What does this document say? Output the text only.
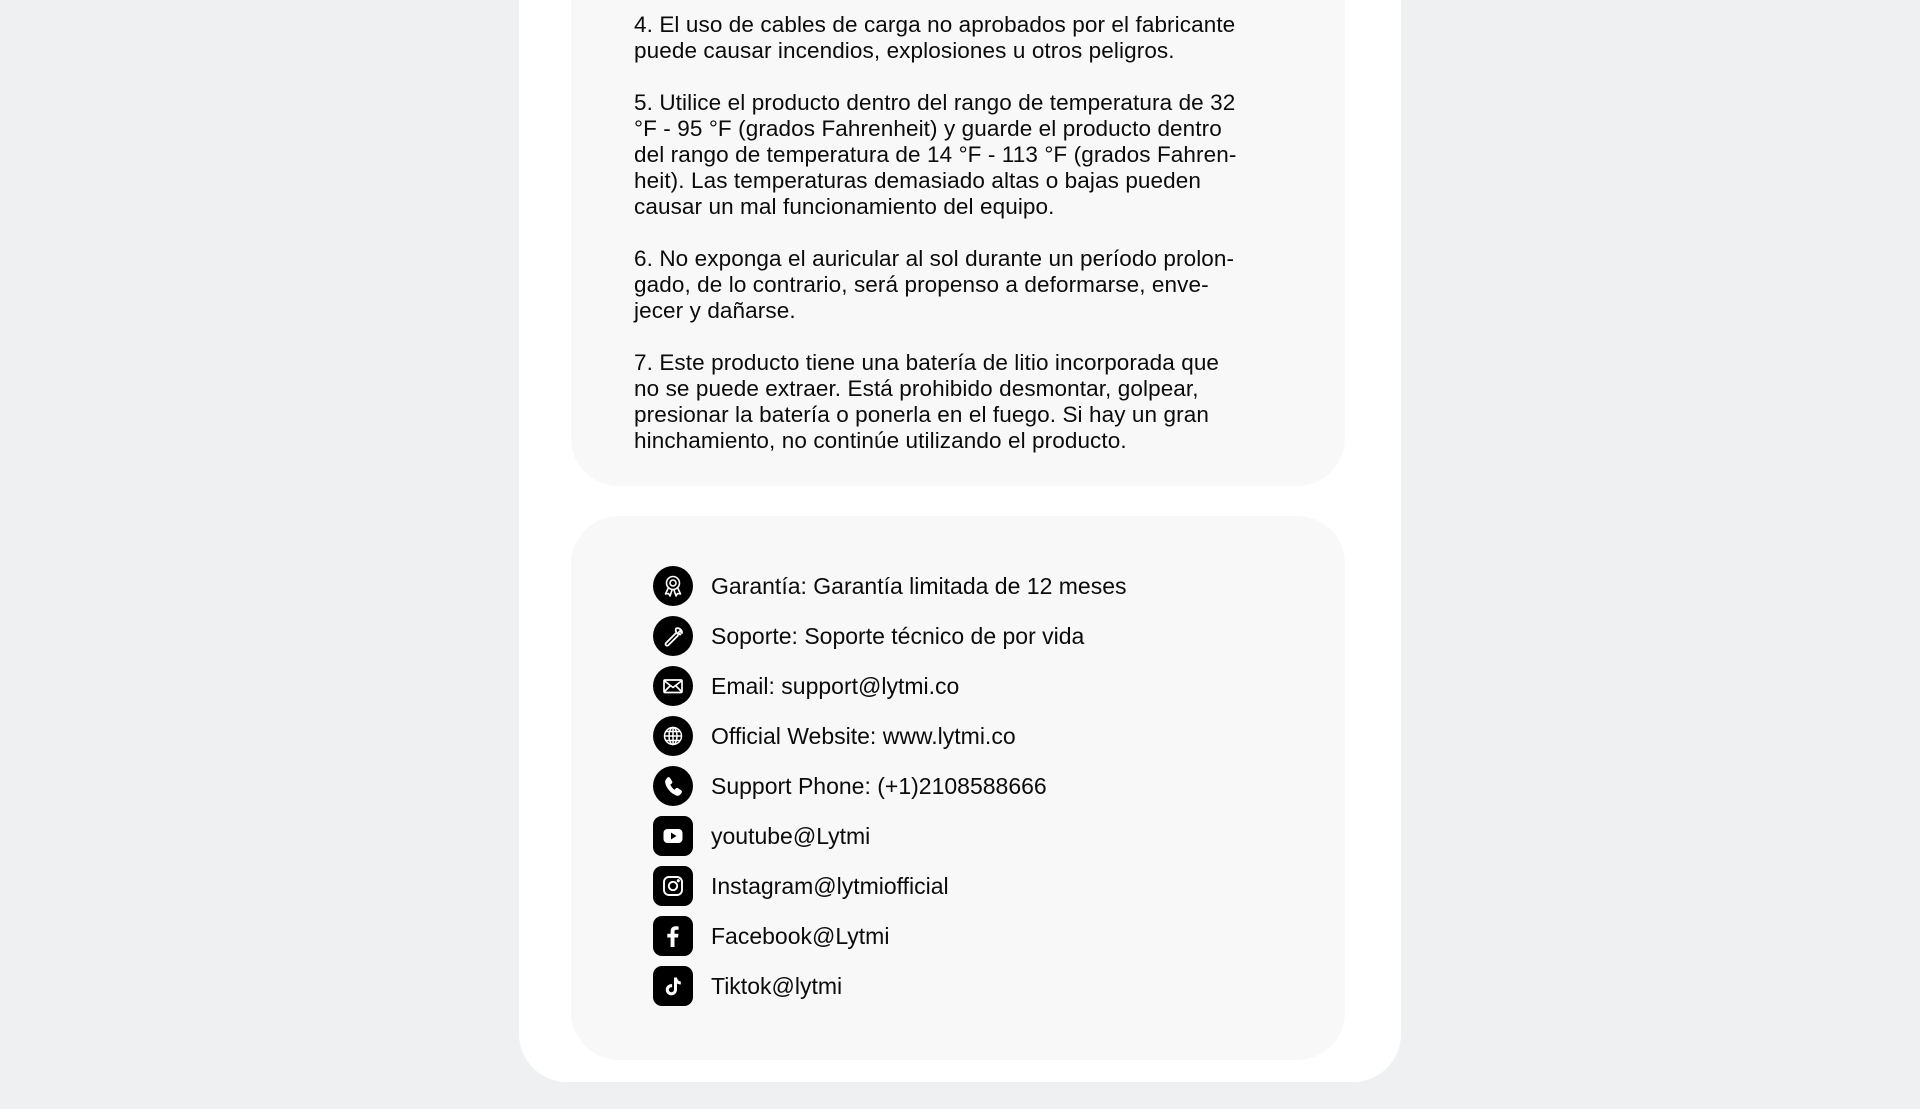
4. El uso de cables de carga no aprobados por el fabricante
puede causar incendios, explosiones u otros peligros.
5. Utilice el producto dentro del rango de temperatura de 32
°F - 95 °F (grados Fahrenheit) y guarde el producto dentro
del rango de temperatura de 14 °F - 113 °F (grados Fahren-
heit). Las temperaturas demasiado altas o bajas pueden
causar un mal funcionamiento del equipo.
6. No exponga el auricular al sol durante un período prolon-
gado, de lo contrario, será propenso a deformarse, enve-
jecer y dañarse.
7. Este producto tiene una batería de litio incorporada que
no se puede extraer. Está prohibido desmontar, golpear,
presionar la batería o ponerla en el fuego. Si hay un gran
hinchamiento, no continúe utilizando el producto.
Garantía: Garantía limitada de 12 meses
Soporte: Soporte técnico de por vida
Email: support@lytmi.co
Official Website: www.lytmi.co
Support Phone: (+1)2108588666
youtube@Lytmi
Instagram@lytmiofficial
Facebook@Lytmi
Tiktok@lytmi
